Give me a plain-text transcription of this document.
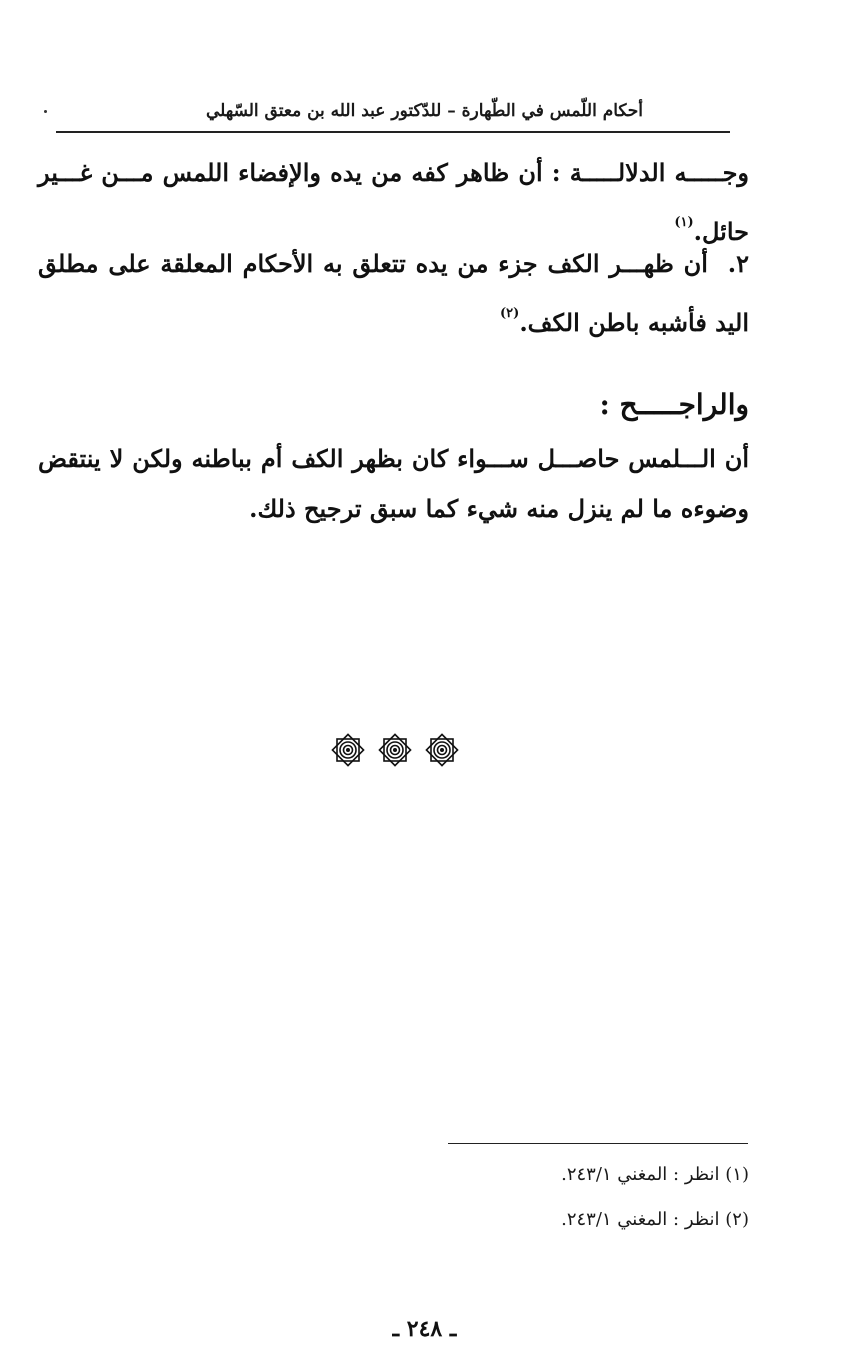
أحكام اللّمس في الطّهارة – للدّكتور عبد الله بن معتق السّهلي
وجـــــه الدلالـــــة : أن ظاهر كفه من يده والإفضاء اللمس مـــن غـــير حائل.$^{(١)}$
٢. أن ظهـــر الكف جزء من يده تتعلق به الأحكام المعلقة على مطلق اليد فأشبه باطن الكف.$^{(٢)}$
والراجـــــح :
أن الـــلمس حاصـــل ســـواء كان بظهر الكف أم بباطنه ولكن لا ينتقض وضوءه ما لم ينزل منه شيء كما سبق ترجيح ذلك.
(١) انظر : المغني ٢٤٣/١.
(٢) انظر : المغني ٢٤٣/١.
ـ ٢٤٨ ـ
